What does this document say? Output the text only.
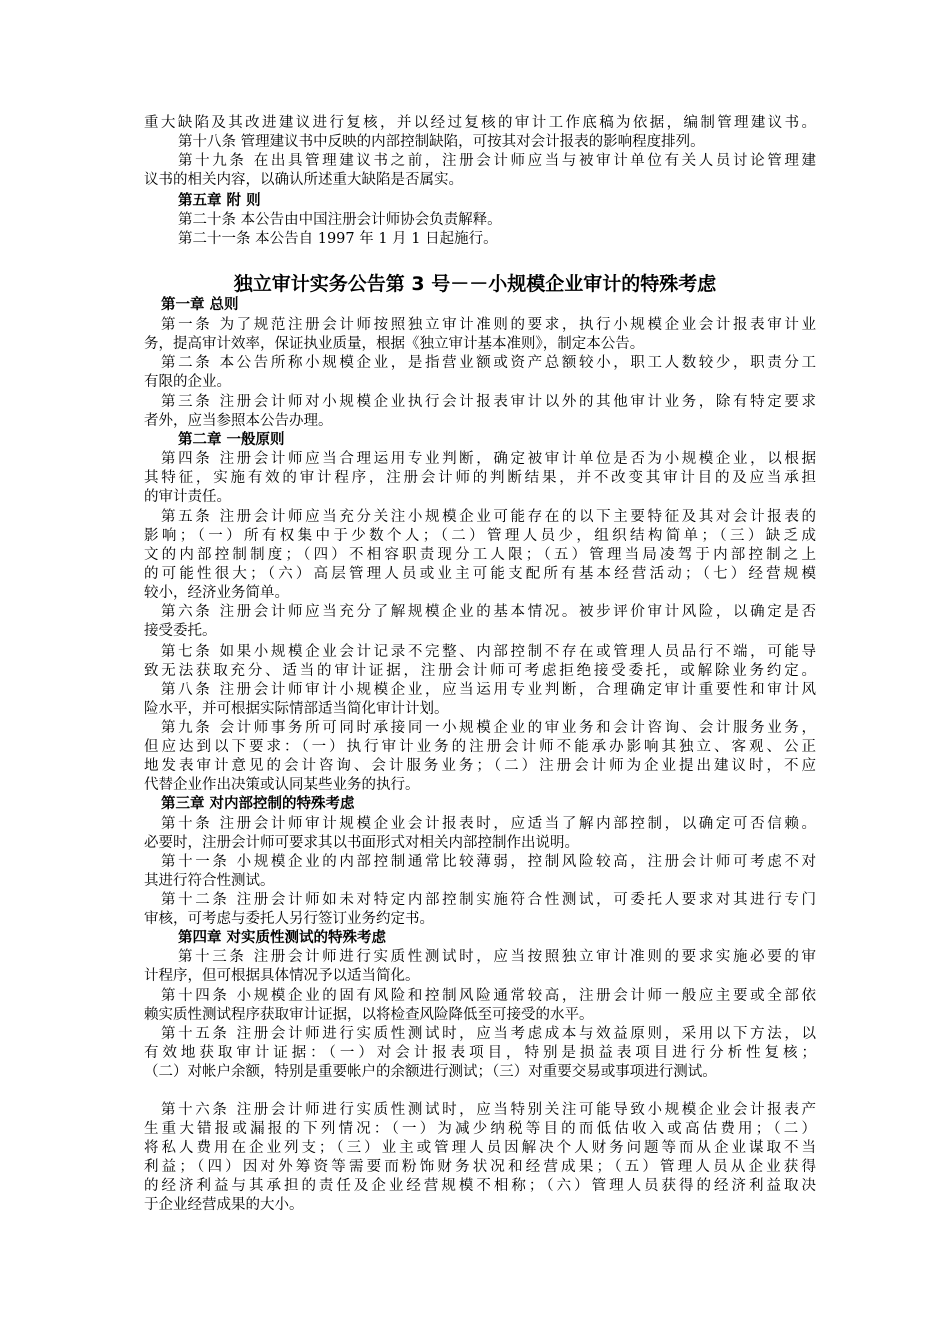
重大缺陷及其改进建议进行复核，并以经过复核的审计工作底稿为依据，编制管理建议书。
第十八条 管理建议书中反映的内部控制缺陷，可按其对会计报表的影响程度排列。
第十九条 在出具管理建议书之前，注册会计师应当与被审计单位有关人员讨论管理建
议书的相关内容，以确认所述重大缺陷是否属实。
第五章 附 则
第二十条 本公告由中国注册会计师协会负责解释。
第二十一条 本公告自 1997 年 1 月 1 日起施行。
独立审计实务公告第 3 号－－小规模企业审计的特殊考虑
第一章 总则
第一条 为了规范注册会计师按照独立审计准则的要求，执行小规模企业会计报表审计业
务，提高审计效率，保证执业质量，根据《独立审计基本准则》，制定本公告。
第二条 本公告所称小规模企业，是指营业额或资产总额较小，职工人数较少，职责分工
有限的企业。
第三条 注册会计师对小规模企业执行会计报表审计以外的其他审计业务，除有特定要求
者外，应当参照本公告办理。
第二章 一般原则
第四条 注册会计师应当合理运用专业判断，确定被审计单位是否为小规模企业，以根据
其特征，实施有效的审计程序，注册会计师的判断结果，并不改变其审计目的及应当承担
的审计责任。
第五条 注册会计师应当充分关注小规模企业可能存在的以下主要特征及其对会计报表的
影响；（一）所有权集中于少数个人；（二）管理人员少，组织结构简单；（三）缺乏成
文的内部控制制度；（四）不相容职责现分工人限；（五）管理当局凌驾于内部控制之上
的可能性很大；（六）高层管理人员或业主可能支配所有基本经营活动；（七）经营规模
较小，经济业务简单。
第六条 注册会计师应当充分了解规模企业的基本情况。被步评价审计风险，以确定是否
接受委托。
第七条 如果小规模企业会计记录不完整、内部控制不存在或管理人员品行不端，可能导
致无法获取充分、适当的审计证据，注册会计师可考虑拒绝接受委托，或解除业务约定。
第八条 注册会计师审计小规模企业，应当运用专业判断，合理确定审计重要性和审计风
险水平，并可根据实际情部适当简化审计计划。
第九条 会计师事务所可同时承接同一小规模企业的审业务和会计咨询、会计服务业务，
但应达到以下要求：（一）执行审计业务的注册会计师不能承办影响其独立、客观、公正
地发表审计意见的会计咨询、会计服务业务；（二）注册会计师为企业提出建议时，不应
代替企业作出决策或认同某些业务的执行。
第三章 对内部控制的特殊考虑
第十条 注册会计师审计规模企业会计报表时，应适当了解内部控制，以确定可否信赖。
必要时，注册会计师可要求其以书面形式对相关内部控制作出说明。
第十一条 小规模企业的内部控制通常比较薄弱，控制风险较高，注册会计师可考虑不对
其进行符合性测试。
第十二条 注册会计师如未对特定内部控制实施符合性测试，可委托人要求对其进行专门
审核，可考虑与委托人另行签订业务约定书。
第四章 对实质性测试的特殊考虑
第十三条 注册会计师进行实质性测试时，应当按照独立审计准则的要求实施必要的审
计程序，但可根据具体情况予以适当简化。
第十四条 小规模企业的固有风险和控制风险通常较高，注册会计师一般应主要或全部依
赖实质性测试程序获取审计证据，以将检查风险降低至可接受的水平。
第十五条 注册会计师进行实质性测试时，应当考虑成本与效益原则，采用以下方法，以
有效地获取审计证据：（一）对会计报表项目，特别是损益表项目进行分析性复核；
（二）对帐户余额，特别是重要帐户的余额进行测试；（三）对重要交易或事项进行测试。
第十六条 注册会计师进行实质性测试时，应当特别关注可能导致小规模企业会计报表产
生重大错报或漏报的下列情况：（一）为减少纳税等目的而低估收入或高估费用；（二）
将私人费用在企业列支；（三）业主或管理人员因解决个人财务问题等而从企业谋取不当
利益；（四）因对外筹资等需要而粉饰财务状况和经营成果；（五）管理人员从企业获得
的经济利益与其承担的责任及企业经营规模不相称；（六）管理人员获得的经济利益取决
于企业经营成果的大小。
